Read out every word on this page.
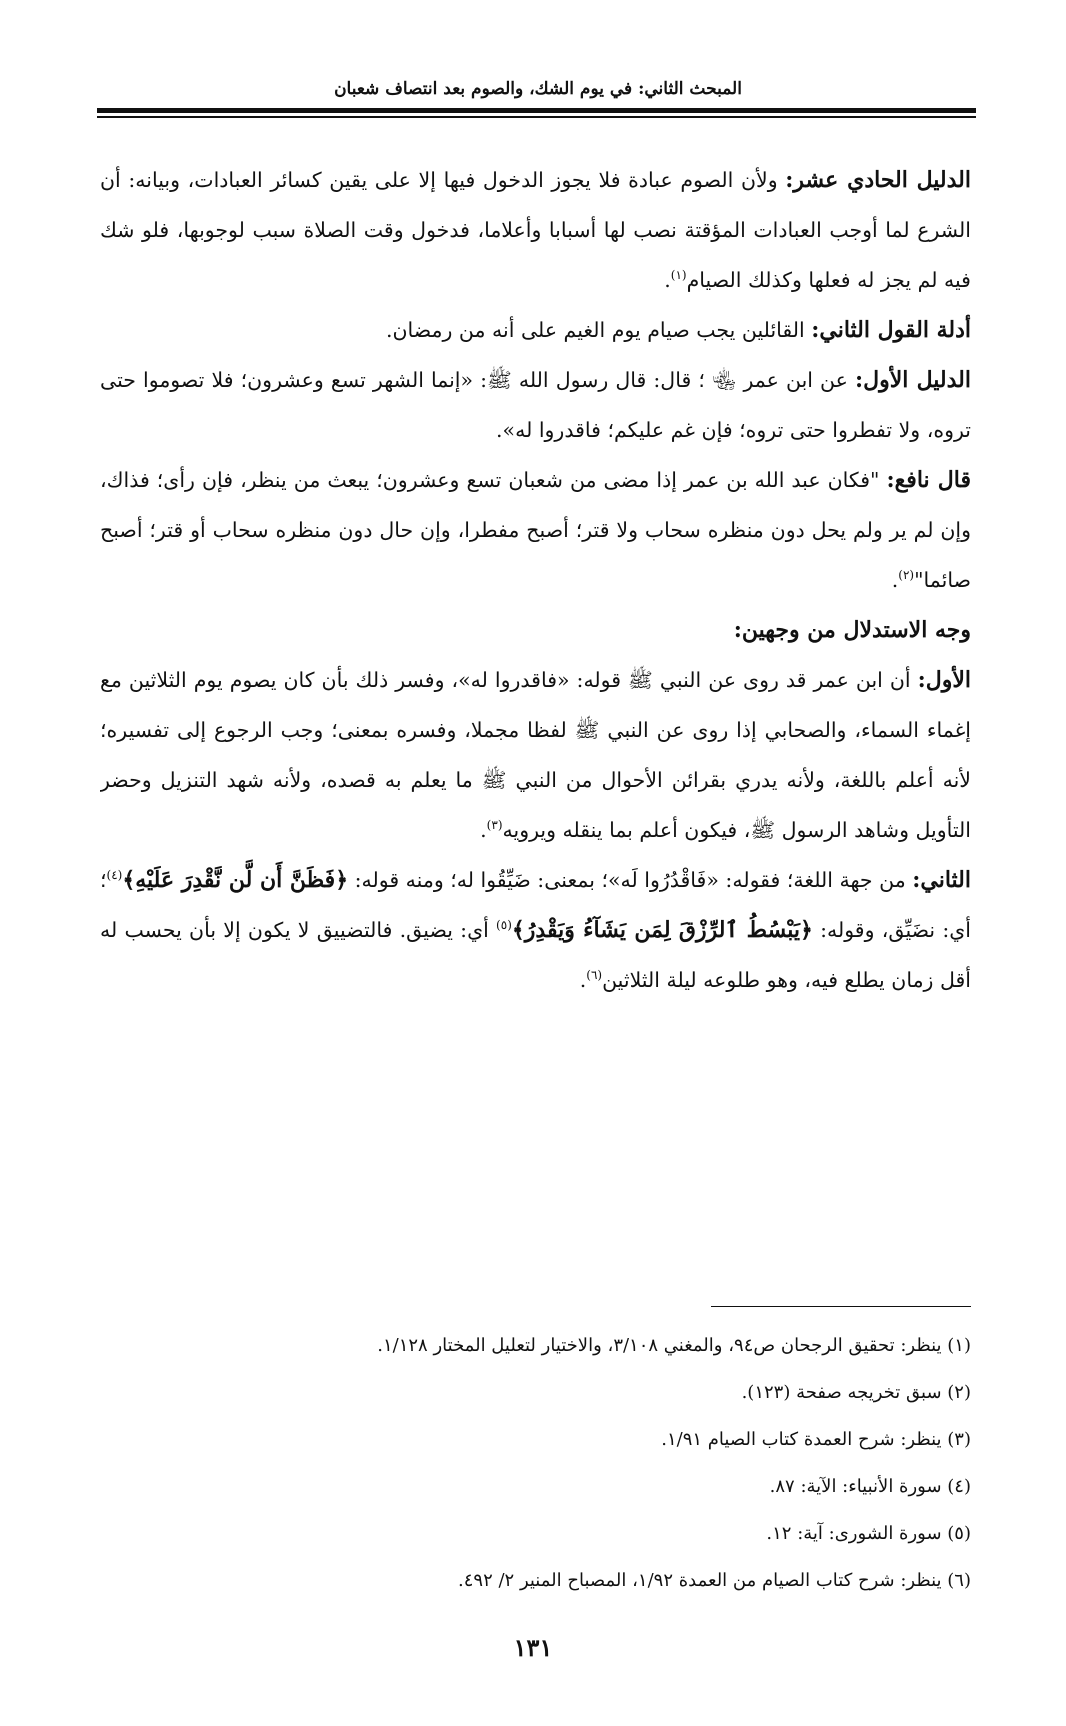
المبحث الثاني: في يوم الشك، والصوم بعد انتصاف شعبان

الدليل الحادي عشر: ولأن الصوم عبادة فلا يجوز الدخول فيها إلا على يقين كسائر العبادات، وبيانه: أن الشرع لما أوجب العبادات المؤقتة نصب لها أسبابا وأعلاما، فدخول وقت الصلاة سبب لوجوبها، فلو شك فيه لم يجز له فعلها وكذلك الصيام$^{(١)}$.

أدلة القول الثاني: القائلين يجب صيام يوم الغيم على أنه من رمضان.

الدليل الأول: عن ابن عمر ﵄ ؛ قال: قال رسول الله ﷺ: «إنما الشهر تسع وعشرون؛ فلا تصوموا حتى تروه، ولا تفطروا حتى تروه؛ فإن غم عليكم؛ فاقدروا له».

قال نافع: "فكان عبد الله بن عمر إذا مضى من شعبان تسع وعشرون؛ يبعث من ينظر، فإن رأى؛ فذاك، وإن لم ير ولم يحل دون منظره سحاب ولا قتر؛ أصبح مفطرا، وإن حال دون منظره سحاب أو قتر؛ أصبح صائما"$^{(٢)}$.

وجه الاستدلال من وجهين:

الأول: أن ابن عمر قد روى عن النبي ﷺ قوله: «فاقدروا له»، وفسر ذلك بأن كان يصوم يوم الثلاثين مع إغماء السماء، والصحابي إذا روى عن النبي ﷺ لفظا مجملا، وفسره بمعنى؛ وجب الرجوع إلى تفسيره؛ لأنه أعلم باللغة، ولأنه يدري بقرائن الأحوال من النبي ﷺ ما يعلم به قصده، ولأنه شهد التنزيل وحضر التأويل وشاهد الرسول ﷺ، فيكون أعلم بما ينقله ويرويه$^{(٣)}$.

الثاني: من جهة اللغة؛ فقوله: «فَاقْدُرُوا لَه»؛ بمعنى: ضَيِّقُوا له؛ ومنه قوله: ﴿فَظَنَّ أَن لَّن نَّقْدِرَ عَلَيْهِ﴾$^{(٤)}$؛ أي: نضَيِّق، وقوله: ﴿يَبْسُطُ ٱلرِّزْقَ لِمَن يَشَآءُ وَيَقْدِرُ﴾$^{(٥)}$ أي: يضيق. فالتضييق لا يكون إلا بأن يحسب له أقل زمان يطلع فيه، وهو طلوعه ليلة الثلاثين$^{(٦)}$.

(١) ينظر: تحقيق الرجحان ص٩٤، والمغني ٣/١٠٨، والاختيار لتعليل المختار ١/١٢٨.

(٢) سبق تخريجه صفحة (١٢٣).

(٣) ينظر: شرح العمدة كتاب الصيام ١/٩١.

(٤) سورة الأنبياء: الآية: ٨٧.

(٥) سورة الشورى: آية: ١٢.

(٦) ينظر: شرح كتاب الصيام من العمدة ١/٩٢، المصباح المنير ٢/ ٤٩٢.

١٣١
